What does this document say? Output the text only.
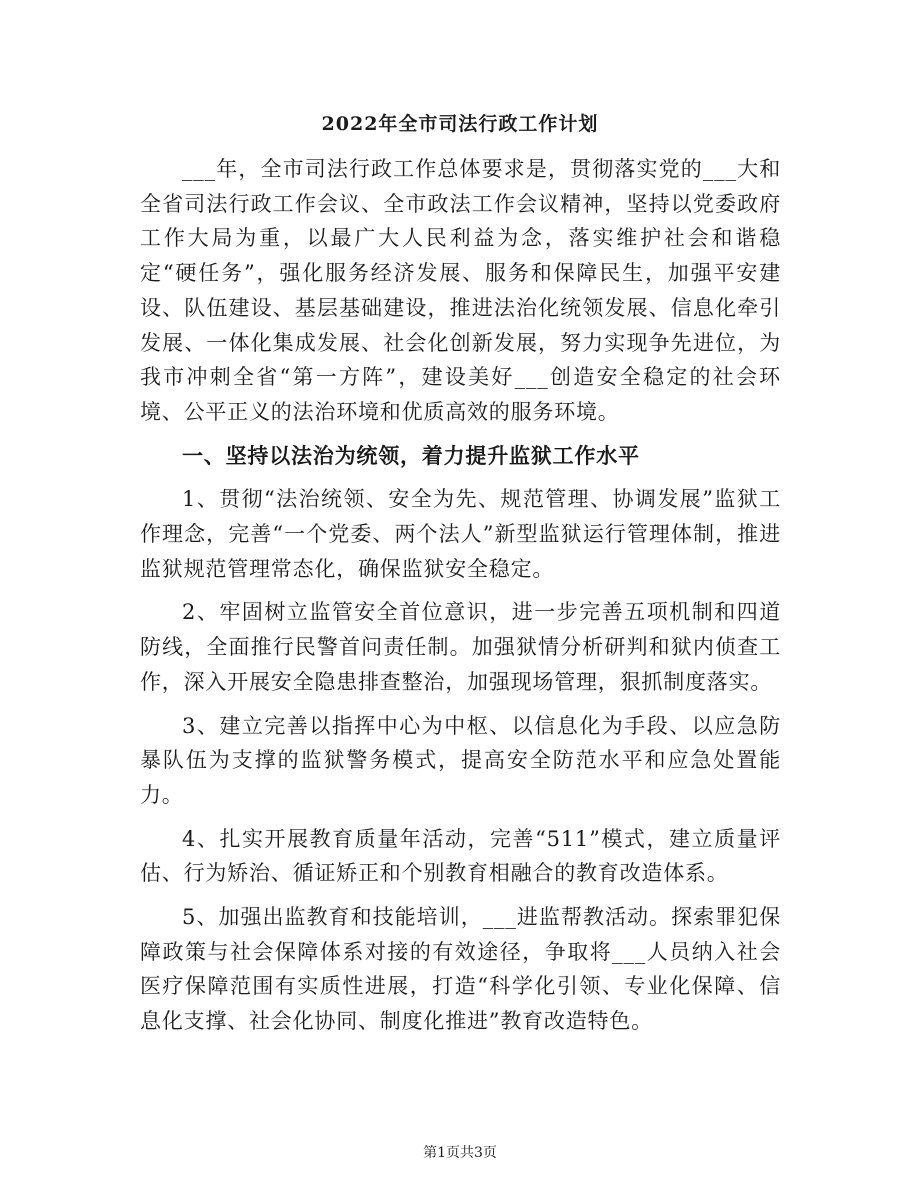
2022年全市司法行政工作计划

___年，全市司法行政工作总体要求是，贯彻落实党的___大和全省司法行政工作会议、全市政法工作会议精神，坚持以党委政府工作大局为重，以最广大人民利益为念，落实维护社会和谐稳定“硬任务”，强化服务经济发展、服务和保障民生，加强平安建设、队伍建设、基层基础建设，推进法治化统领发展、信息化牵引发展、一体化集成发展、社会化创新发展，努力实现争先进位，为我市冲刺全省“第一方阵”，建设美好___创造安全稳定的社会环境、公平正义的法治环境和优质高效的服务环境。

一、坚持以法治为统领，着力提升监狱工作水平

1、贯彻“法治统领、安全为先、规范管理、协调发展”监狱工作理念，完善“一个党委、两个法人”新型监狱运行管理体制，推进监狱规范管理常态化，确保监狱安全稳定。

2、牢固树立监管安全首位意识，进一步完善五项机制和四道防线，全面推行民警首问责任制。加强狱情分析研判和狱内侦查工作，深入开展安全隐患排查整治，加强现场管理，狠抓制度落实。

3、建立完善以指挥中心为中枢、以信息化为手段、以应急防暴队伍为支撑的监狱警务模式，提高安全防范水平和应急处置能力。

4、扎实开展教育质量年活动，完善“511”模式，建立质量评估、行为矫治、循证矫正和个别教育相融合的教育改造体系。

5、加强出监教育和技能培训，___进监帮教活动。探索罪犯保障政策与社会保障体系对接的有效途径，争取将___人员纳入社会医疗保障范围有实质性进展，打造“科学化引领、专业化保障、信息化支撑、社会化协同、制度化推进”教育改造特色。

第1页共3页
